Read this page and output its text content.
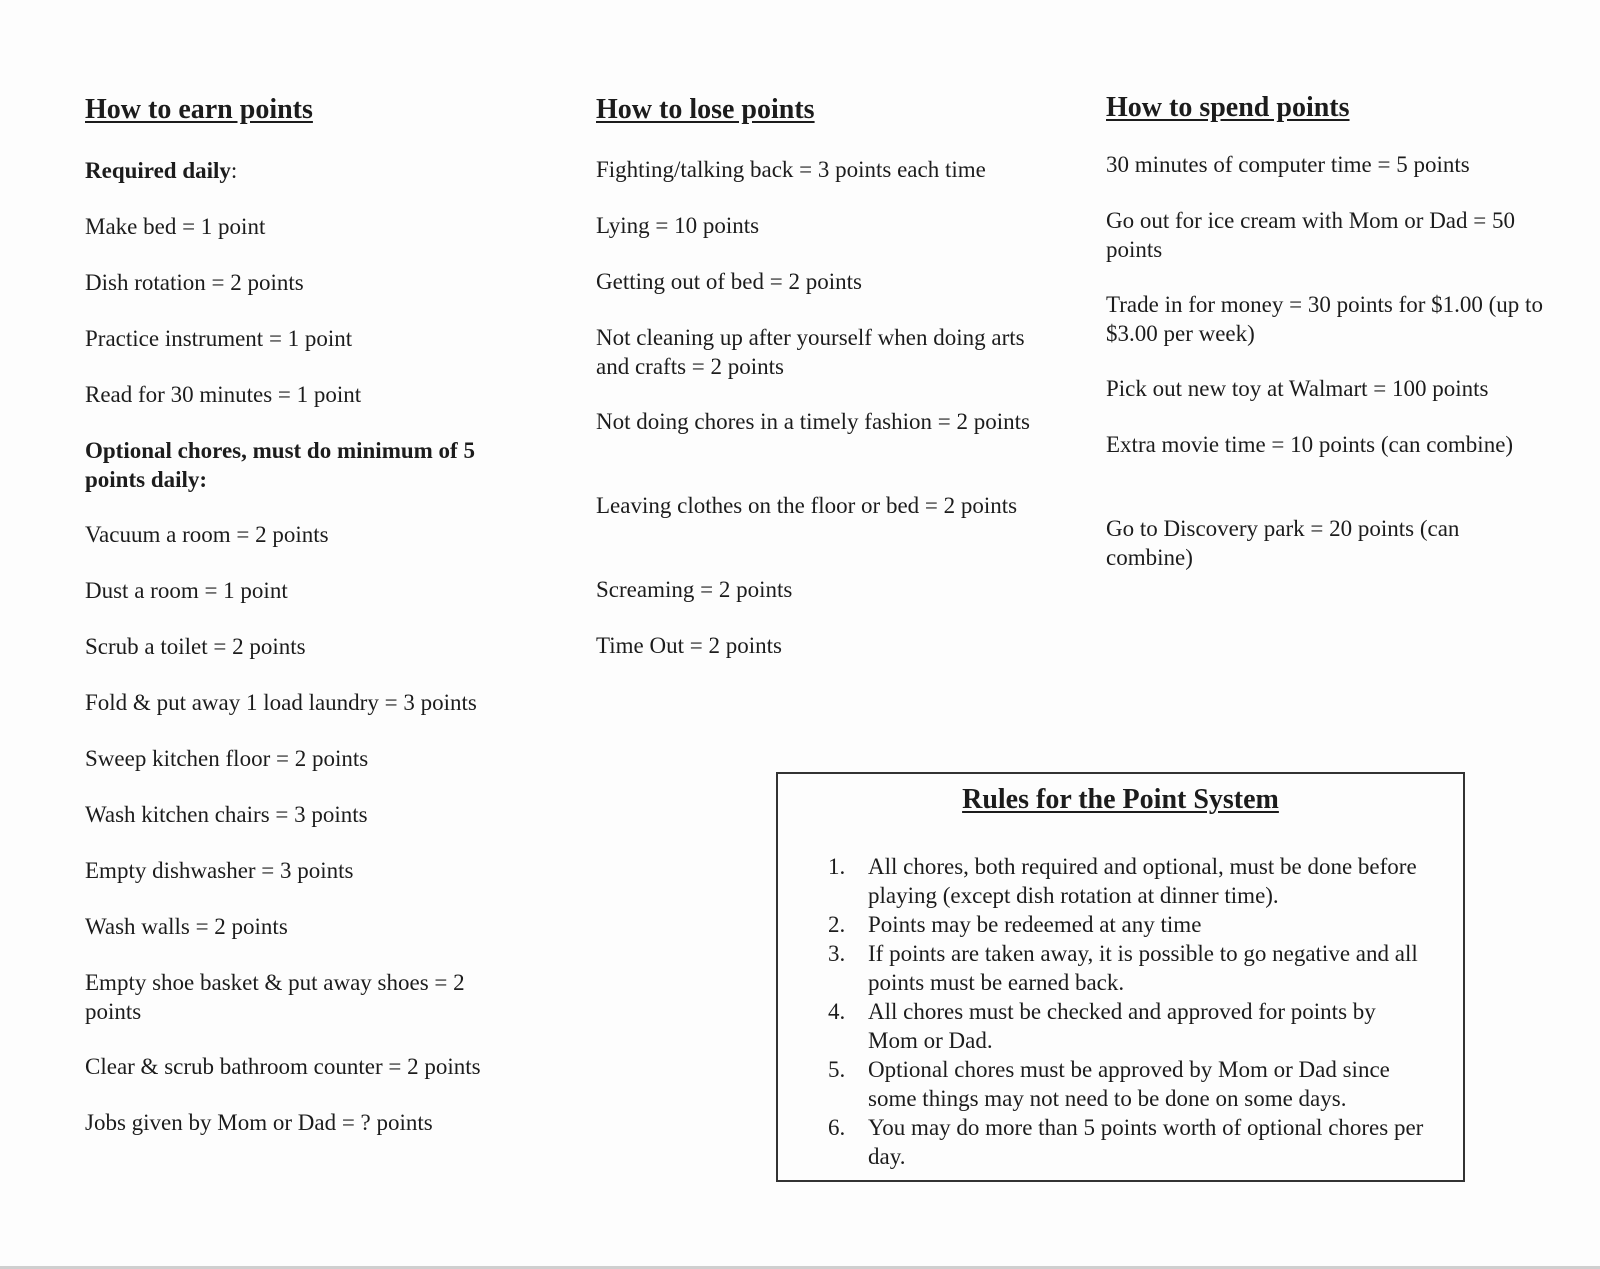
How to earn points

Required daily:

Make bed = 1 point

Dish rotation = 2 points

Practice instrument = 1 point

Read for 30 minutes = 1 point

Optional chores, must do minimum of 5 points daily:

Vacuum a room = 2 points

Dust a room = 1 point

Scrub a toilet = 2 points

Fold & put away 1 load laundry = 3 points

Sweep kitchen floor = 2 points

Wash kitchen chairs = 3 points

Empty dishwasher = 3 points

Wash walls = 2 points

Empty shoe basket & put away shoes = 2 points

Clear & scrub bathroom counter = 2 points

Jobs given by Mom or Dad = ? points

How to lose points

Fighting/talking back = 3 points each time

Lying = 10 points

Getting out of bed = 2 points

Not cleaning up after yourself when doing arts and crafts = 2 points

Not doing chores in a timely fashion = 2 points

Leaving clothes on the floor or bed = 2 points

Screaming = 2 points

Time Out = 2 points

How to spend points

30 minutes of computer time = 5 points

Go out for ice cream with Mom or Dad = 50 points

Trade in for money = 30 points for $1.00 (up to $3.00 per week)

Pick out new toy at Walmart = 100 points

Extra movie time = 10 points (can combine)

Go to Discovery park = 20 points (can combine)

Rules for the Point System
1. All chores, both required and optional, must be done before playing (except dish rotation at dinner time).
2. Points may be redeemed at any time
3. If points are taken away, it is possible to go negative and all points must be earned back.
4. All chores must be checked and approved for points by Mom or Dad.
5. Optional chores must be approved by Mom or Dad since some things may not need to be done on some days.
6. You may do more than 5 points worth of optional chores per day.
